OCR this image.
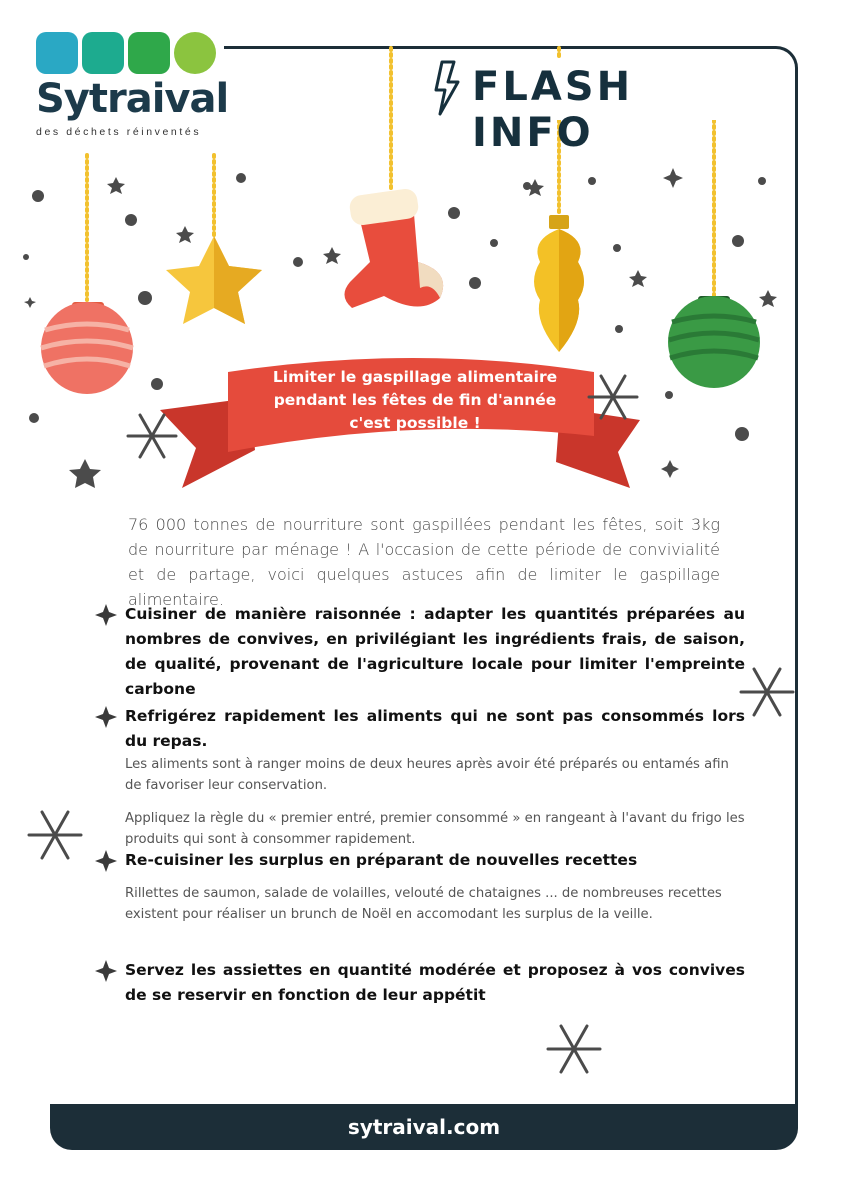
Sytraival
des déchets réinventés
FLASH INFO
Limiter le gaspillage alimentaire
pendant les fêtes de fin d'année
c'est possible !
76 000 tonnes de nourriture sont gaspillées pendant les fêtes, soit 3kg de nourriture par ménage ! A l'occasion de cette période de convivialité et de partage, voici quelques astuces afin de limiter le gaspillage alimentaire.
Cuisiner de manière raisonnée : adapter les quantités préparées au nombres de convives, en privilégiant les ingrédients frais, de saison, de qualité, provenant de l'agriculture locale pour limiter l'empreinte carbone
Refrigérez rapidement les aliments qui ne sont pas consommés lors du repas.
Les aliments sont à ranger moins de deux heures après avoir été préparés ou entamés afin de favoriser leur conservation.
Appliquez la règle du « premier entré, premier consommé » en rangeant à l'avant du frigo les produits qui sont à consommer rapidement.
Re-cuisiner les surplus en préparant de nouvelles recettes
Rillettes de saumon, salade de volailles, velouté de chataignes ... de nombreuses recettes existent pour réaliser un brunch de Noël en accomodant les surplus de la veille.
Servez les assiettes en quantité modérée et proposez à vos convives de se reservir en fonction de leur appétit
sytraival.com
